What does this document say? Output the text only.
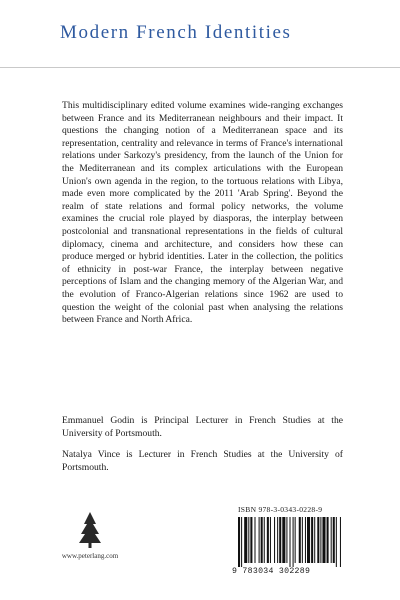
Modern French Identities

This multidisciplinary edited volume examines wide-ranging exchanges between France and its Mediterranean neighbours and their impact. It questions the changing notion of a Mediterranean space and its representation, centrality and relevance in terms of France's international relations under Sarkozy's presidency, from the launch of the Union for the Mediterranean and its complex articulations with the European Union's own agenda in the region, to the tortuous relations with Libya, made even more complicated by the 2011 'Arab Spring'. Beyond the realm of state relations and formal policy networks, the volume examines the crucial role played by diasporas, the interplay between postcolonial and transnational representations in the fields of cultural diplomacy, cinema and architecture, and considers how these can produce merged or hybrid identities. Later in the collection, the politics of ethnicity in post-war France, the interplay between negative perceptions of Islam and the changing memory of the Algerian War, and the evolution of Franco-Algerian relations since 1962 are used to question the weight of the colonial past when analysing the relations between France and North Africa.

Emmanuel Godin is Principal Lecturer in French Studies at the University of Portsmouth.

Natalya Vince is Lecturer in French Studies at the University of Portsmouth.

www.peterlang.com
ISBN 978-3-0343-0228-9
9 783034 302289
